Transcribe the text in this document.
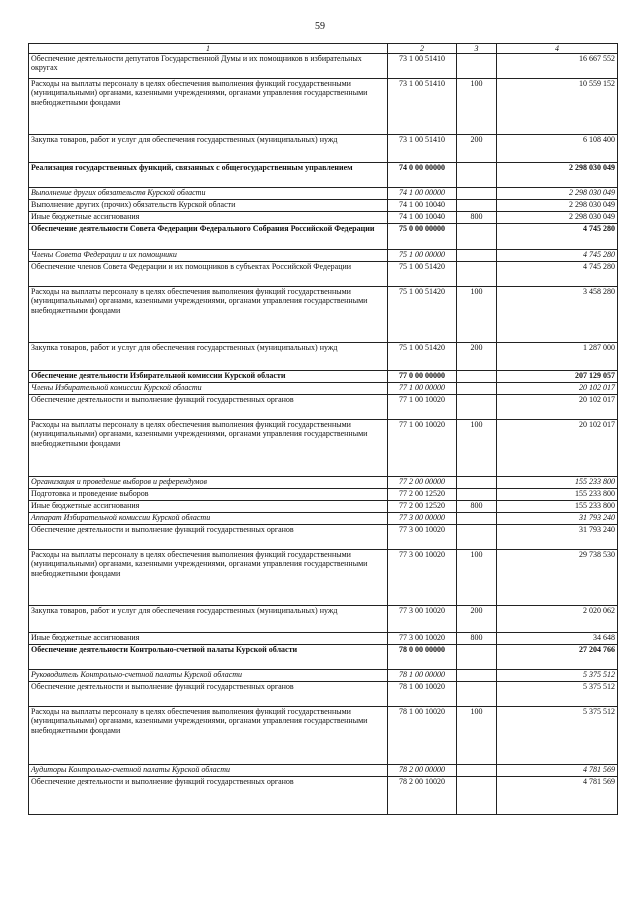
59
1	2	3	4
Обеспечение деятельности депутатов Государственной Думы и их помощников в избирательных округах	73 1 00 51410		16 667 552
Расходы на выплаты персоналу в целях обеспечения выполнения функций государственными (муниципальными) органами, казенными учреждениями, органами управления государственными внебюджетными фондами	73 1 00 51410	100	10 559 152
Закупка товаров, работ и услуг для обеспечения государственных (муниципальных) нужд	73 1 00 51410	200	6 108 400
Реализация государственных функций, связанных с общегосударственным управлением	74 0 00 00000		2 298 030 049
Выполнение других обязательств Курской области	74 1 00 00000		2 298 030 049
Выполнение других (прочих) обязательств Курской области	74 1 00 10040		2 298 030 049
Иные бюджетные ассигнования	74 1 00 10040	800	2 298 030 049
Обеспечение деятельности Совета Федерации Федерального Собрания Российской Федерации	75 0 00 00000		4 745 280
Члены Совета Федерации и их помощники	75 1 00 00000		4 745 280
Обеспечение членов Совета Федерации и их помощников в субъектах Российской Федерации	75 1 00 51420		4 745 280
Расходы на выплаты персоналу в целях обеспечения выполнения функций государственными (муниципальными) органами, казенными учреждениями, органами управления государственными внебюджетными фондами	75 1 00 51420	100	3 458 280
Закупка товаров, работ и услуг для обеспечения государственных (муниципальных) нужд	75 1 00 51420	200	1 287 000
Обеспечение деятельности Избирательной комиссии Курской области	77 0 00 00000		207 129 057
Члены Избирательной комиссии Курской области	77 1 00 00000		20 102 017
Обеспечение деятельности и выполнение функций государственных органов	77 1 00 10020		20 102 017
Расходы на выплаты персоналу в целях обеспечения выполнения функций государственными (муниципальными) органами, казенными учреждениями, органами управления государственными внебюджетными фондами	77 1 00 10020	100	20 102 017
Организация и проведение выборов и референдумов	77 2 00 00000		155 233 800
Подготовка и проведение выборов	77 2 00 12520		155 233 800
Иные бюджетные ассигнования	77 2 00 12520	800	155 233 800
Аппарат Избирательной комиссии Курской области	77 3 00 00000		31 793 240
Обеспечение деятельности и выполнение функций государственных органов	77 3 00 10020		31 793 240
Расходы на выплаты персоналу в целях обеспечения выполнения функций государственными (муниципальными) органами, казенными учреждениями, органами управления государственными внебюджетными фондами	77 3 00 10020	100	29 738 530
Закупка товаров, работ и услуг для обеспечения государственных (муниципальных) нужд	77 3 00 10020	200	2 020 062
Иные бюджетные ассигнования	77 3 00 10020	800	34 648
Обеспечение деятельности Контрольно-счетной палаты Курской области	78 0 00 00000		27 204 766
Руководитель Контрольно-счетной палаты Курской области	78 1 00 00000		5 375 512
Обеспечение деятельности и выполнение функций государственных органов	78 1 00 10020		5 375 512
Расходы на выплаты персоналу в целях обеспечения выполнения функций государственными (муниципальными) органами, казенными учреждениями, органами управления государственными внебюджетными фондами	78 1 00 10020	100	5 375 512
Аудиторы Контрольно-счетной палаты Курской области	78 2 00 00000		4 781 569
Обеспечение деятельности и выполнение функций государственных органов	78 2 00 10020		4 781 569
